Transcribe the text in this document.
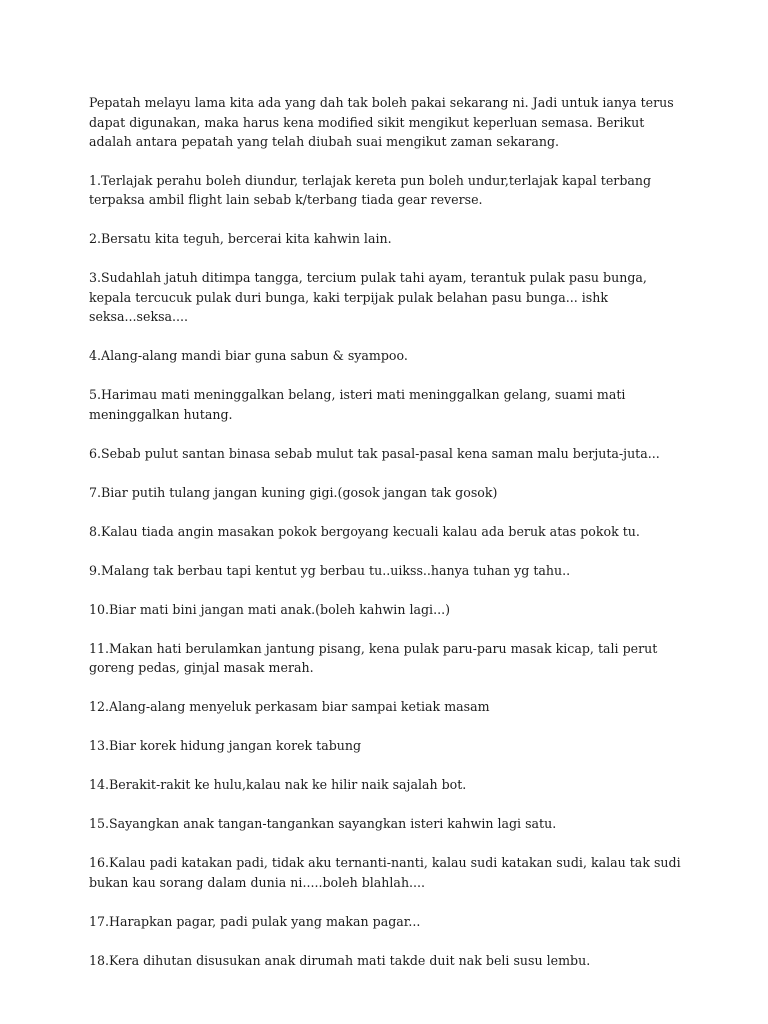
Pepatah melayu lama kita ada yang dah tak boleh pakai sekarang ni. Jadi untuk ianya terus dapat digunakan, maka harus kena modified sikit mengikut keperluan semasa. Berikut adalah antara pepatah yang telah diubah suai mengikut zaman sekarang.

1.Terlajak perahu boleh diundur, terlajak kereta pun boleh undur,terlajak kapal terbang terpaksa ambil flight lain sebab k/terbang tiada gear reverse.

2.Bersatu kita teguh, bercerai kita kahwin lain.

3.Sudahlah jatuh ditimpa tangga, tercium pulak tahi ayam, terantuk pulak pasu bunga, kepala tercucuk pulak duri bunga, kaki terpijak pulak belahan pasu bunga... ishk seksa...seksa....

4.Alang-alang mandi biar guna sabun & syampoo.

5.Harimau mati meninggalkan belang, isteri mati meninggalkan gelang, suami mati meninggalkan hutang.

6.Sebab pulut santan binasa sebab mulut tak pasal-pasal kena saman malu berjuta-juta...

7.Biar putih tulang jangan kuning gigi.(gosok jangan tak gosok)

8.Kalau tiada angin masakan pokok bergoyang kecuali kalau ada beruk atas pokok tu.

9.Malang tak berbau tapi kentut yg berbau tu..uikss..hanya tuhan yg tahu..

10.Biar mati bini jangan mati anak.(boleh kahwin lagi...)

11.Makan hati berulamkan jantung pisang, kena pulak paru-paru masak kicap, tali perut goreng pedas, ginjal masak merah.

12.Alang-alang menyeluk perkasam biar sampai ketiak masam

13.Biar korek hidung jangan korek tabung

14.Berakit-rakit ke hulu,kalau nak ke hilir naik sajalah bot.

15.Sayangkan anak tangan-tangankan sayangkan isteri kahwin lagi satu.

16.Kalau padi katakan padi, tidak aku ternanti-nanti, kalau sudi katakan sudi, kalau tak sudi bukan kau sorang dalam dunia ni.....boleh blahlah....

17.Harapkan pagar, padi pulak yang makan pagar...

18.Kera dihutan disusukan anak dirumah mati takde duit nak beli susu lembu.
